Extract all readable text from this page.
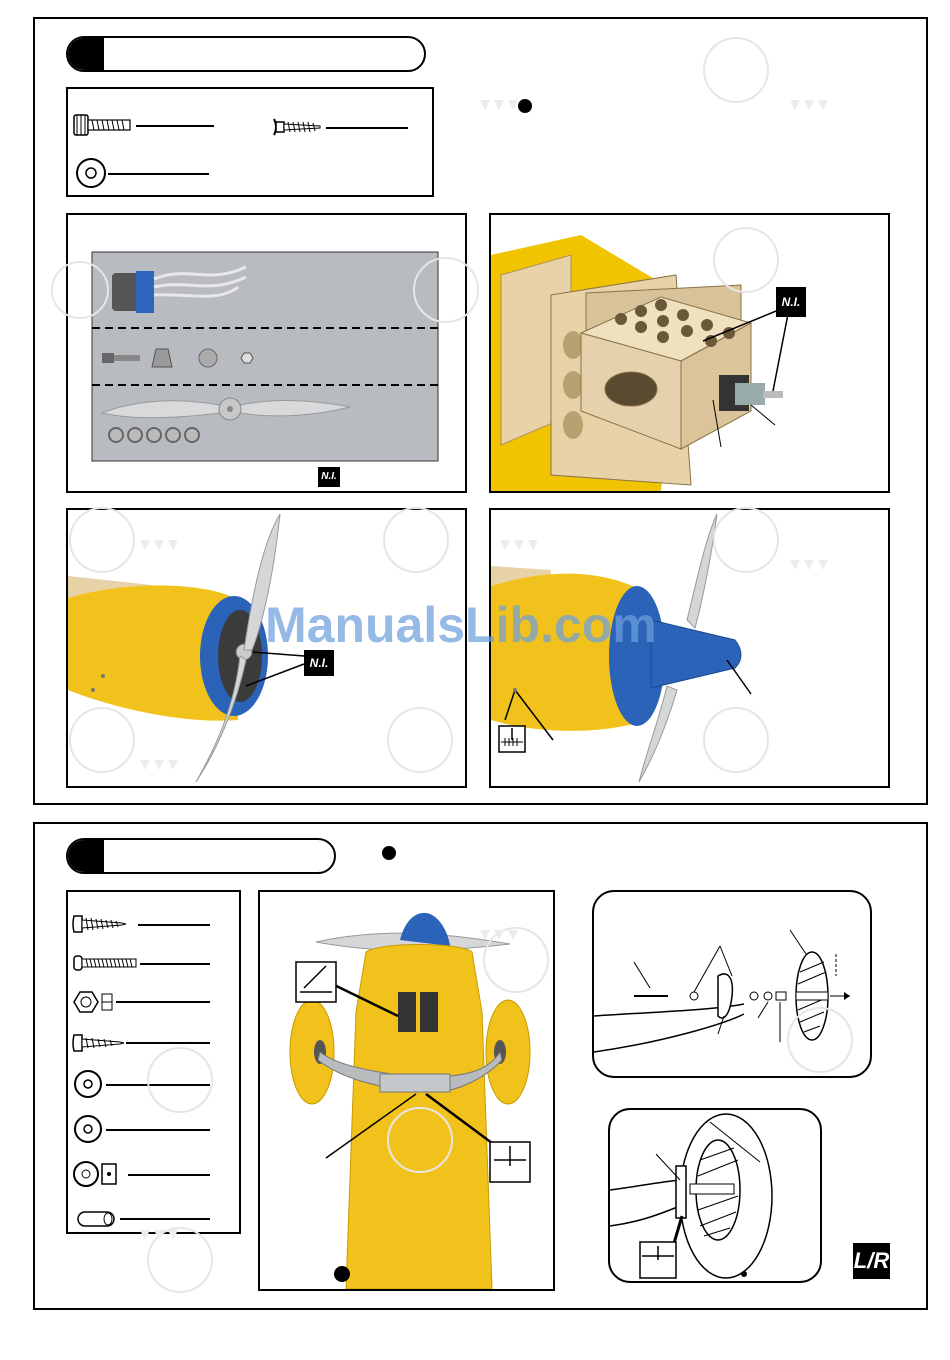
N.I.
N.I.
N.I.
L/R
ManualsLib.com
